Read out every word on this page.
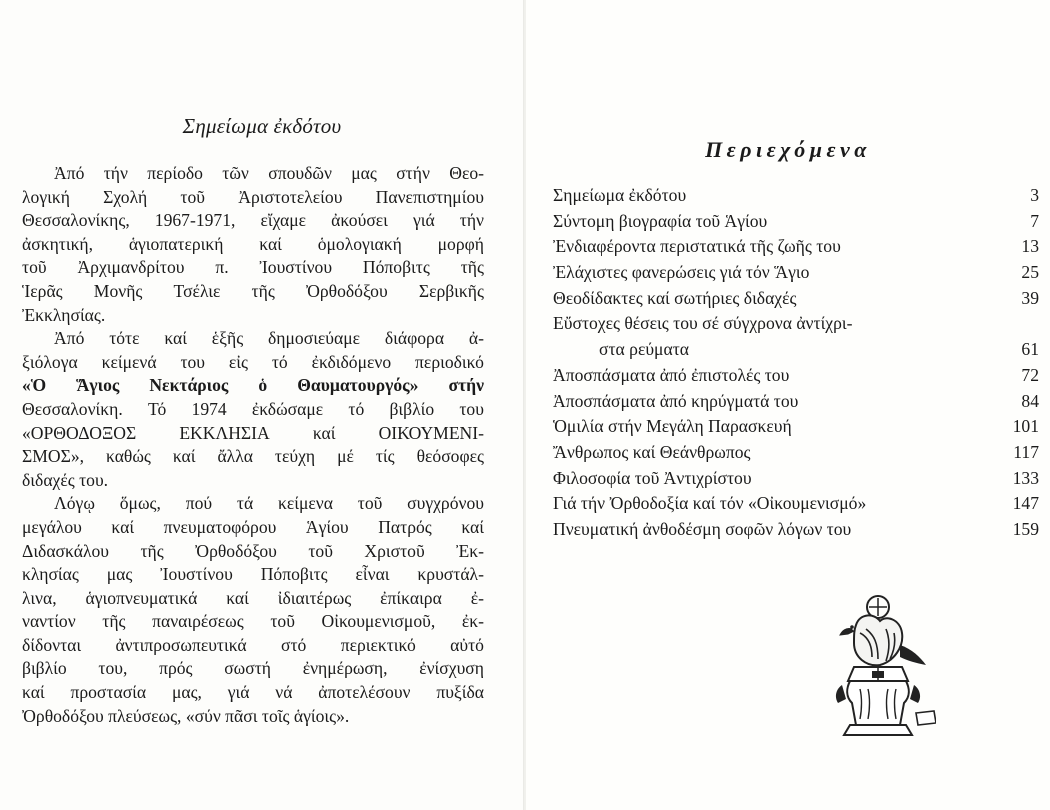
Σημείωμα ἐκδότου
Ἀπό τήν περίοδο τῶν σπουδῶν μας στήν Θεο-
λογική Σχολή τοῦ Ἀριστοτελείου Πανεπιστημίου
Θεσσαλονίκης, 1967-1971, εἴχαμε ἀκούσει γιά τήν
ἀσκητική, ἁγιοπατερική καί ὁμολογιακή μορφή
τοῦ Ἀρχιμανδρίτου π. Ἰουστίνου Πόποβιτς τῆς
Ἱερᾶς Μονῆς Τσέλιε τῆς Ὀρθοδόξου Σερβικῆς
Ἐκκλησίας.
Ἀπό τότε καί ἑξῆς δημοσιεύαμε διάφορα ἀ-
ξιόλογα κείμενά του εἰς τό ἐκδιδόμενο περιοδικό
«Ὁ Ἅγιος Νεκτάριος ὁ Θαυματουργός» στήν
Θεσσαλονίκη. Τό 1974 ἐκδώσαμε τό βιβλίο του
«ΟΡΘΟΔΟΞΟΣ ΕΚΚΛΗΣΙΑ καί ΟΙΚΟΥΜΕΝΙ-
ΣΜΟΣ», καθώς καί ἄλλα τεύχη μέ τίς θεόσοφες
διδαχές του.
Λόγῳ ὅμως, πού τά κείμενα τοῦ συγχρόνου
μεγάλου καί πνευματοφόρου Ἁγίου Πατρός καί
Διδασκάλου τῆς Ὀρθοδόξου τοῦ Χριστοῦ Ἐκ-
κλησίας μας Ἰουστίνου Πόποβιτς εἶναι κρυστάλ-
λινα, ἁγιοπνευματικά καί ἰδιαιτέρως ἐπίκαιρα ἐ-
ναντίον τῆς παναιρέσεως τοῦ Οἰκουμενισμοῦ, ἐκ-
δίδονται ἀντιπροσωπευτικά στό περιεκτικό αὐτό
βιβλίο του, πρός σωστή ἐνημέρωση, ἐνίσχυση
καί προστασία μας, γιά νά ἀποτελέσουν πυξίδα
Ὀρθοδόξου πλεύσεως, «σύν πᾶσι τοῖς ἁγίοις».
Περιεχόμενα
Σημείωμα ἐκδότου	3
Σύντομη βιογραφία τοῦ Ἁγίου	7
Ἐνδιαφέροντα περιστατικά τῆς ζωῆς του	13
Ἐλάχιστες φανερώσεις γιά τόν Ἅγιο	25
Θεοδίδακτες καί σωτήριες διδαχές	39
Εὔστοχες θέσεις του σέ σύγχρονα ἀντίχρι-
στα ρεύματα	61
Ἀποσπάσματα ἀπό ἐπιστολές του	72
Ἀποσπάσματα ἀπό κηρύγματά του	84
Ὁμιλία στήν Μεγάλη Παρασκευή	101
Ἄνθρωπος καί Θεάνθρωπος	117
Φιλοσοφία τοῦ Ἀντιχρίστου	133
Γιά τήν Ὀρθοδοξία καί τόν «Οἰκουμενισμό»	147
Πνευματική ἀνθοδέσμη σοφῶν λόγων του	159
